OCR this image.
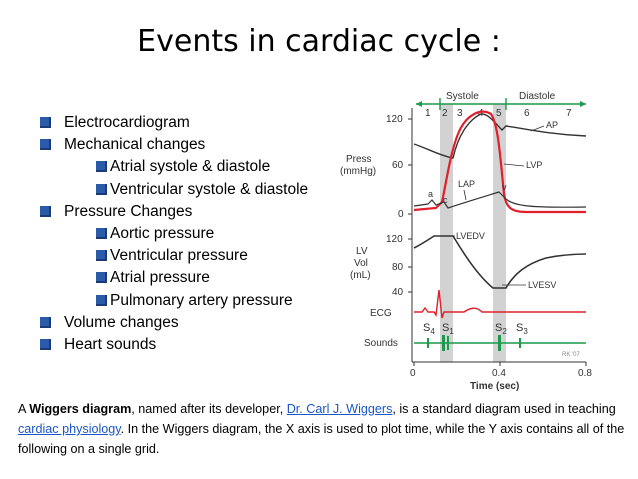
Events in cardiac cycle :
Electrocardiogram
Mechanical changes
Atrial systole & diastole
Ventricular systole & diastole
Pressure Changes
Aortic pressure
Ventricular pressure
Atrial pressure
Pulmonary artery pressure
Volume changes
Heart sounds
Systole	Diastole
1 2 3 4 5 6	7
Press
(mmHg)
120
60
0
AP
LVP
LAP
a
c
v
LV
Vol
(mL)
120
80
40
LVEDV
LVESV
ECG
$S_4$ $S_1$	$S_2$ $S_3$
Sounds
RK '07
0	0.4	0.8
Time (sec)
A Wiggers diagram, named after its developer, Dr. Carl J. Wiggers, is a standard diagram used in teaching cardiac physiology. In the Wiggers diagram, the X axis is used to plot time, while the Y axis contains all of the following on a single grid.
